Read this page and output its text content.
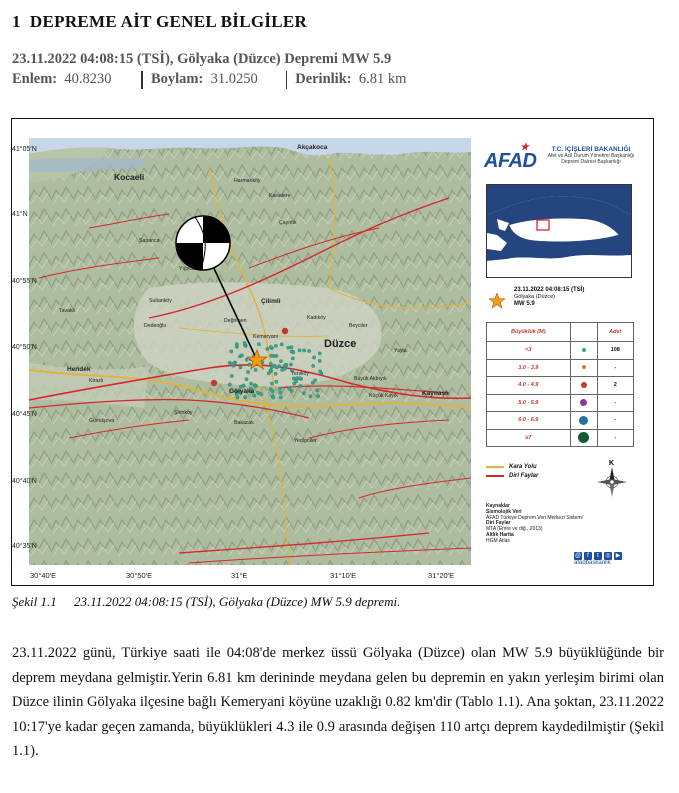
1 DEPREME AİT GENEL BİLGİLER
23.11.2022 04:08:15 (TSİ), Gölyaka (Düzce) Depremi MW 5.9
Enlem: 40.8230	Boylam: 31.0250	Derinlik: 6.81 km
Kocaeli
Düzce
Hendek
Akçakoca
Gölyaka
Çilimli
Kaynaşlı
Karadere
Yığılca
Sapanca
Kadıköy
Beyciler
Yeniköy
Büyük Akbıyık
Küçük Kayık
Bakacak
Şirinköy
Gümüşova
Sultanköy
Yedigöller
Kemeryani
Dedeoğlu
Tavaklı
Kirazlı
Yayla
Çayırlık
Değirmen
Harmanköy
41°05'N
41°N
40°55'N
40°50'N
40°45'N
40°40'N
40°35'N
30°40'E	30°50'E	31°E	31°10'E	31°20'E
AFAD
★	T.C. İÇİŞLERİ BAKANLIĞI
Afet ve Acil Durum Yönetimi Başkanlığı
Deprem Dairesi Başkanlığı
23.11.2022 04:08:15 (TSİ)
Gölyaka (Düzce)
MW 5.9
Büyüklük (M)		Adet
<3		108
3.0 - 3.9		-
4.0 - 4.9		2
5.0 - 5.9		-
6.0 - 6.9		-
≥7		-
Kara Yolu
Diri Faylar
K
Kaynaklar
Sismolojik Veri
AFAD Türkiye Deprem Veri Merkezi Sistemi
Diri Faylar
MTA (Emre ve diğ., 2013)
Altlık Harita
HGM Atlas
@	f	t	◎ ▶
afadbaskanlik
Şekil 1.1 23.11.2022 04:08:15 (TSİ), Gölyaka (Düzce) MW 5.9 depremi.
23.11.2022 günü, Türkiye saati ile 04:08'de merkez üssü Gölyaka (Düzce) olan MW 5.9 büyüklüğünde bir deprem meydana gelmiştir.Yerin 6.81 km derininde meydana gelen bu depremin en yakın yerleşim birimi olan Düzce ilinin Gölyaka ilçesine bağlı Kemeryani köyüne uzaklığı 0.82 km'dir (Tablo 1.1). Ana şoktan, 23.11.2022 10:17'ye kadar geçen zamanda, büyüklükleri 4.3 ile 0.9 arasında değişen 110 artçı deprem kaydedilmiştir (Şekil 1.1).
